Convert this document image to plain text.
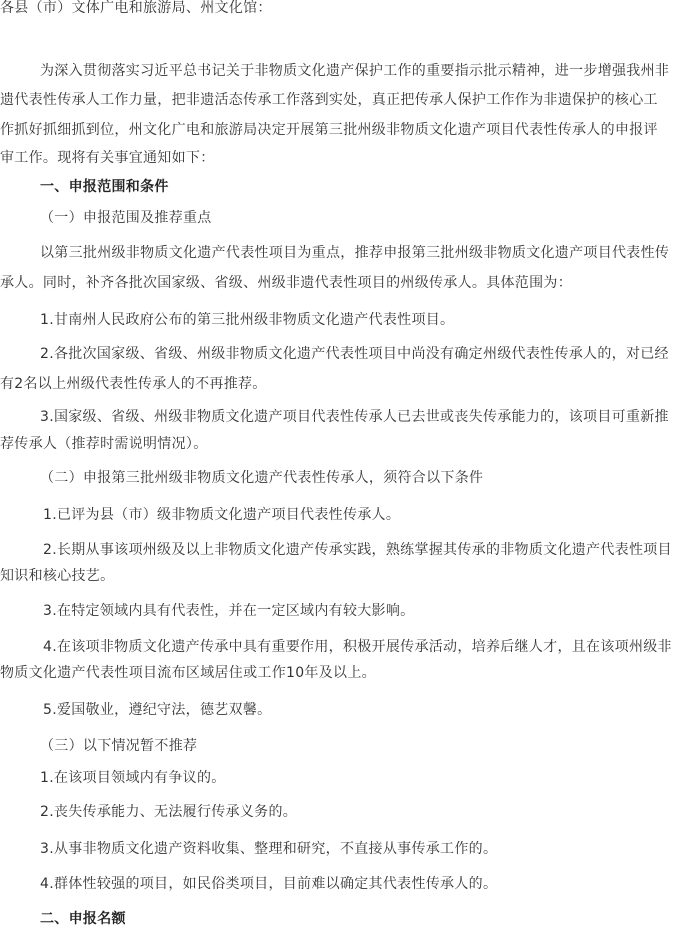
各县（市）文体广电和旅游局、州文化馆：
为深入贯彻落实习近平总书记关于非物质文化遗产保护工作的重要指示批示精神，进一步增强我州非
遗代表性传承人工作力量，把非遗活态传承工作落到实处，真正把传承人保护工作作为非遗保护的核心工
作抓好抓细抓到位，州文化广电和旅游局决定开展第三批州级非物质文化遗产项目代表性传承人的申报评
审工作。现将有关事宜通知如下：
一、申报范围和条件
（一）申报范围及推荐重点
以第三批州级非物质文化遗产代表性项目为重点，推荐申报第三批州级非物质文化遗产项目代表性传
承人。同时，补齐各批次国家级、省级、州级非遗代表性项目的州级传承人。具体范围为：
1.甘南州人民政府公布的第三批州级非物质文化遗产代表性项目。
2.各批次国家级、省级、州级非物质文化遗产代表性项目中尚没有确定州级代表性传承人的，对已经
有2名以上州级代表性传承人的不再推荐。
3.国家级、省级、州级非物质文化遗产项目代表性传承人已去世或丧失传承能力的，该项目可重新推
荐传承人（推荐时需说明情况）。
（二）申报第三批州级非物质文化遗产代表性传承人，须符合以下条件
1.已评为县（市）级非物质文化遗产项目代表性传承人。
2.长期从事该项州级及以上非物质文化遗产传承实践，熟练掌握其传承的非物质文化遗产代表性项目
知识和核心技艺。
3.在特定领域内具有代表性，并在一定区域内有较大影响。
4.在该项非物质文化遗产传承中具有重要作用，积极开展传承活动，培养后继人才，且在该项州级非
物质文化遗产代表性项目流布区域居住或工作10年及以上。
5.爱国敬业，遵纪守法，德艺双馨。
（三）以下情况暂不推荐
1.在该项目领域内有争议的。
2.丧失传承能力、无法履行传承义务的。
3.从事非物质文化遗产资料收集、整理和研究，不直接从事传承工作的。
4.群体性较强的项目，如民俗类项目，目前难以确定其代表性传承人的。
二、申报名额
